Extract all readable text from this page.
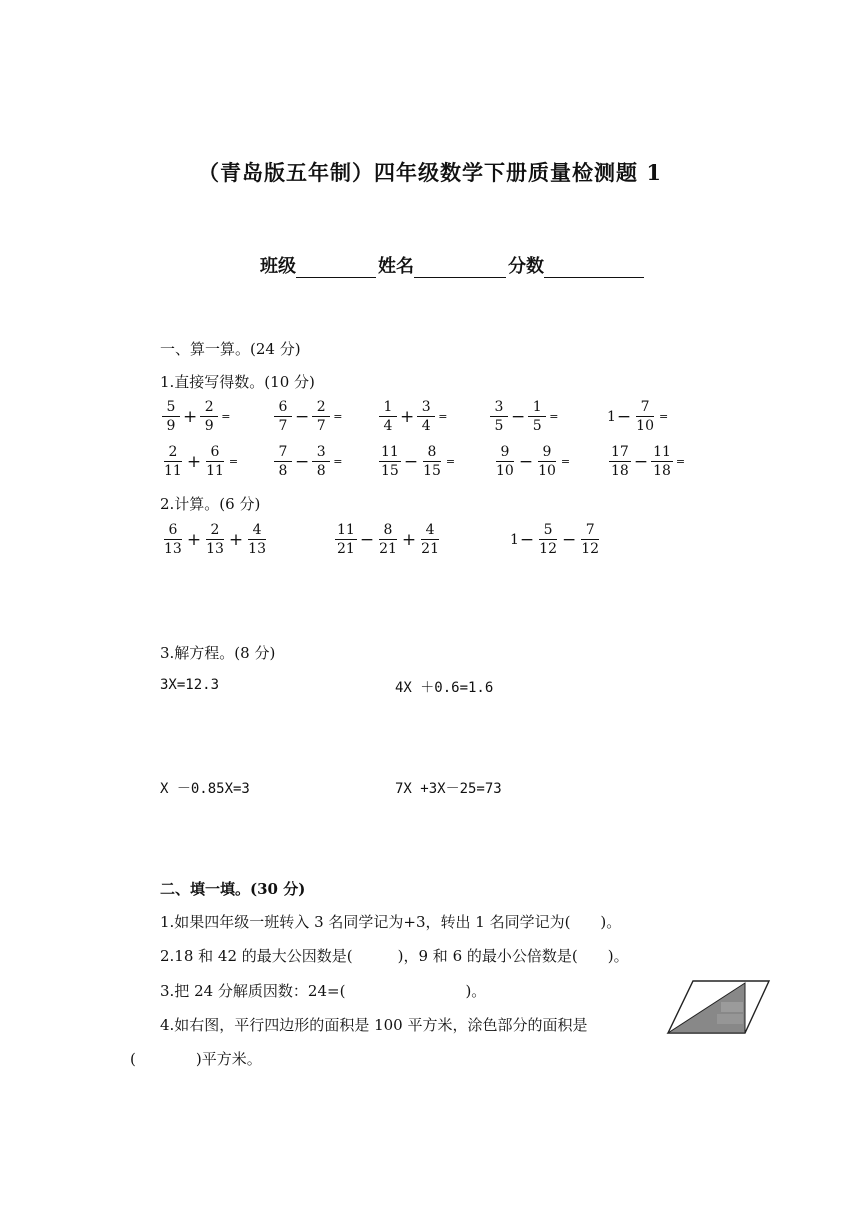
（青岛版五年制）四年级数学下册质量检测题 1
班级	姓名	分数
一、算一算。(24 分)
1.直接写得数。(10 分)
$\frac{5}{9} + \frac{2}{9}$ =	$\frac{6}{7} - \frac{2}{7}$ =	$\frac{1}{4} + \frac{3}{4}$ =	$\frac{3}{5} - \frac{1}{5}$ =	$1 - \frac{7}{10}$ =
$\frac{2}{11} + \frac{6}{11}$ =	$\frac{7}{8} - \frac{3}{8}$ =	$\frac{11}{15} - \frac{8}{15}$ =	$\frac{9}{10} - \frac{9}{10}$ =	$\frac{17}{18} - \frac{11}{18}$ =
2.计算。(6 分)
$\frac{6}{13} + \frac{2}{13} + \frac{4}{13}$	$\frac{11}{21} - \frac{8}{21} + \frac{4}{21}$	$1 - \frac{5}{12} - \frac{7}{12}$
3.解方程。(8 分)
3X=12.3	4X ＋0.6=1.6
X －0.85X=3	7X +3X－25=73
二、填一填。(30 分)
1.如果四年级一班转入 3 名同学记为+3，转出 1 名同学记为(　　)。
2.18 和 42 的最大公因数是(　　　)，9 和 6 的最小公倍数是(　　)。
3.把 24 分解质因数：24=(　　　　　　　　)。
4.如右图，平行四边形的面积是 100 平方米，涂色部分的面积是
(　　　　)平方米。
